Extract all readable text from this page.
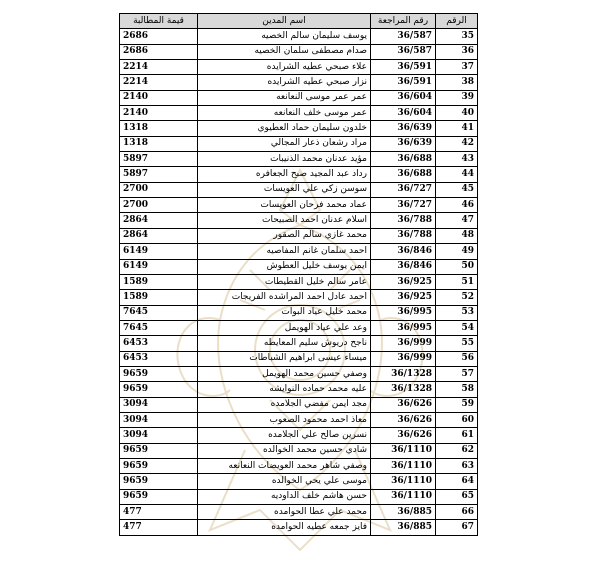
الرقم	رقم المراجعة	اسم المدين	قيمة المطالبة
35	36/587	يوسف سليمان سالم الخصيه	2686
36	36/587	صدام مصطفى سلمان الخصيه	2686
37	36/591	علاء صبحي عطيه الشرايده	2214
38	36/591	نزار صبحي عطيه الشرايده	2214
39	36/604	عمر عمر موسى النعانعه	2140
40	36/604	عمر موسى خلف النعانعه	2140
41	36/639	خلدون سليمان حماد العطيوي	1318
42	36/639	مراد رشعان ذعار المجالي	1318
43	36/688	مؤيد عدنان محمد الذنيبات	5897
44	36/688	رداد عبد المجيد صبح الجعافره	5897
45	36/727	سوسن زكي علي العويسات	2700
46	36/727	عماد محمد فرحان العويسات	2700
47	36/788	اسلام عدنان احمد الصبيحات	2864
48	36/788	محمد غازي سالم الصقور	2864
49	36/846	احمد سلمان غانم المفاصيه	6149
50	36/846	ايمن يوسف خليل العطوش	6149
51	36/925	عامر سالم خليل القطيطات	1589
52	36/925	احمد عادل احمد المراشده الفريجات	1589
53	36/995	محمد خليل عياد البوات	7645
54	36/995	وعد علي عياد الهويمل	7645
55	36/999	ناجح دريوش سليم المعايطه	6453
56	36/999	ميساء عيسى ابراهيم الشباطات	6453
57	36/1328	وصفي حسين محمد الهويمل	9659
58	36/1328	عليه محمد حماده النوايشه	9659
59	36/626	مجد ايمن مفضي الجلامده	3094
60	36/626	معاذ احمد محمود الصعوب	3094
61	36/626	نسرين صالح علي الجلامده	3094
62	36/1110	شادي حسين محمد الخوالده	9659
63	36/1110	وصفي شاهر محمد العويضات النعانعه	9659
64	36/1110	موسى علي يحي الخوالده	9659
65	36/1110	حسن هاشم خلف الداوديه	9659
66	36/885	محمد علي عطا الحوامده	477
67	36/885	فايز جمعه عطيه الحوامده	477
